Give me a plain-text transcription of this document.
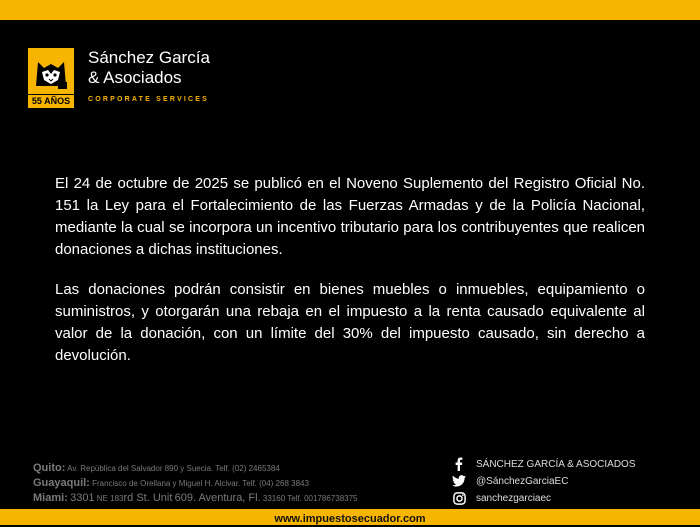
55 AÑOS
Sánchez García
& Asociados
CORPORATE SERVICES

El 24 de octubre de 2025 se publicó en el Noveno Suplemento del Registro Oficial No. 151 la Ley para el Fortalecimiento de las Fuerzas Armadas y de la Policía Nacional, mediante la cual se incorpora un incentivo tributario para los contribuyentes que realicen donaciones a dichas instituciones.

Las donaciones podrán consistir en bienes muebles o inmuebles, equipamiento o suministros, y otorgarán una rebaja en el impuesto a la renta causado equivalente al valor de la donación, con un límite del 30% del impuesto causado, sin derecho a devolución.

Quito: Av. República del Salvador 890 y Suecia. Telf. (02) 2465384
Guayaquil: Francisco de Orellana y Miguel H. Alcivar. Telf. (04) 268 3843
Miami: 3301 NE 183rd St. Unit 609. Aventura, Fl. 33160 Telf. 001786738375
SÁNCHEZ GARCÍA & ASOCIADOS
@SánchezGarciaEC
sanchezgarciaec
www.impuestosecuador.com
